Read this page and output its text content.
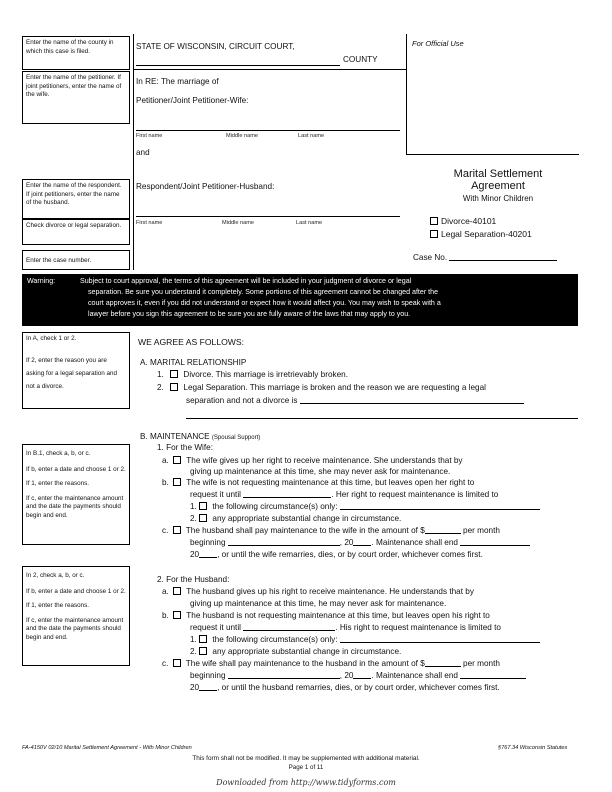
Enter the name of the county in which this case is filed.
Enter the name of the petitioner. If joint petitioners, enter the name of the wife.
Enter the name of the respondent. If joint petitioners, enter the name of the husband.
Check divorce or legal separation.
Enter the case number.
In A, check 1 or 2.
If 2, enter the reason you are asking for a legal separation and not a divorce.
In B.1, check a, b, or c.
If b, enter a date and choose 1 or 2.
If 1, enter the reasons.
If c, enter the maintenance amount and the date the payments should begin and end.
In 2, check a, b, or c.
If b, enter a date and choose 1 or 2.
If 1, enter the reasons.
If c, enter the maintenance amount and the date the payments should begin and end.
STATE OF WISCONSIN, CIRCUIT COURT,
COUNTY
For Official Use
In RE: The marriage of
Petitioner/Joint Petitioner-Wife:
First name	Middle name	Last name
and
Respondent/Joint Petitioner-Husband:
First name	Middle name	Last name
Marital Settlement
Agreement
With Minor Children
Divorce-40101
Legal Separation-40201
Case No.
Warning:	Subject to court approval, the terms of this agreement will be included in your judgment of divorce or legal
separation. Be sure you understand it completely. Some portions of this agreement cannot be changed after the
court approves it, even if you did not understand or expect how it would affect you. You may wish to speak with a
lawyer before you sign this agreement to be sure you are fully aware of the laws that may apply to you.
WE AGREE AS FOLLOWS:
A. MARITAL RELATIONSHIP
1. Divorce. This marriage is irretrievably broken.
2. Legal Separation. This marriage is broken and the reason we are requesting a legal
separation and not a divorce is
B. MAINTENANCE (Spousal Support)
1. For the Wife:
a. The wife gives up her right to receive maintenance. She understands that by
giving up maintenance at this time, she may never ask for maintenance.
b. The wife is not requesting maintenance at this time, but leaves open her right to
request it until	. Her right to request maintenance is limited to
1. the following circumstance(s) only:
2. any appropriate substantial change in circumstance.
c. The husband shall pay maintenance to the wife in the amount of $	per month
beginning	, 20 . Maintenance shall end
20 , or until the wife remarries, dies, or by court order, whichever comes first.
2. For the Husband:
a. The husband gives up his right to receive maintenance. He understands that by
giving up maintenance at this time, he may never ask for maintenance.
b. The husband is not requesting maintenance at this time, but leaves open his right to
request it until	. His right to request maintenance is limited to
1. the following circumstance(s) only:
2. any appropriate substantial change in circumstance.
c. The wife shall pay maintenance to the husband in the amount of $	per month
beginning	, 20 . Maintenance shall end
20 , or until the husband remarries, dies, or by court order, whichever comes first.
FA-4150V 02/10 Marital Settlement Agreement - With Minor Children	§767.34 Wisconsin Statutes
This form shall not be modified. It may be supplemented with additional material.
Page 1 of 11
Downloaded from http://www.tidyforms.com
